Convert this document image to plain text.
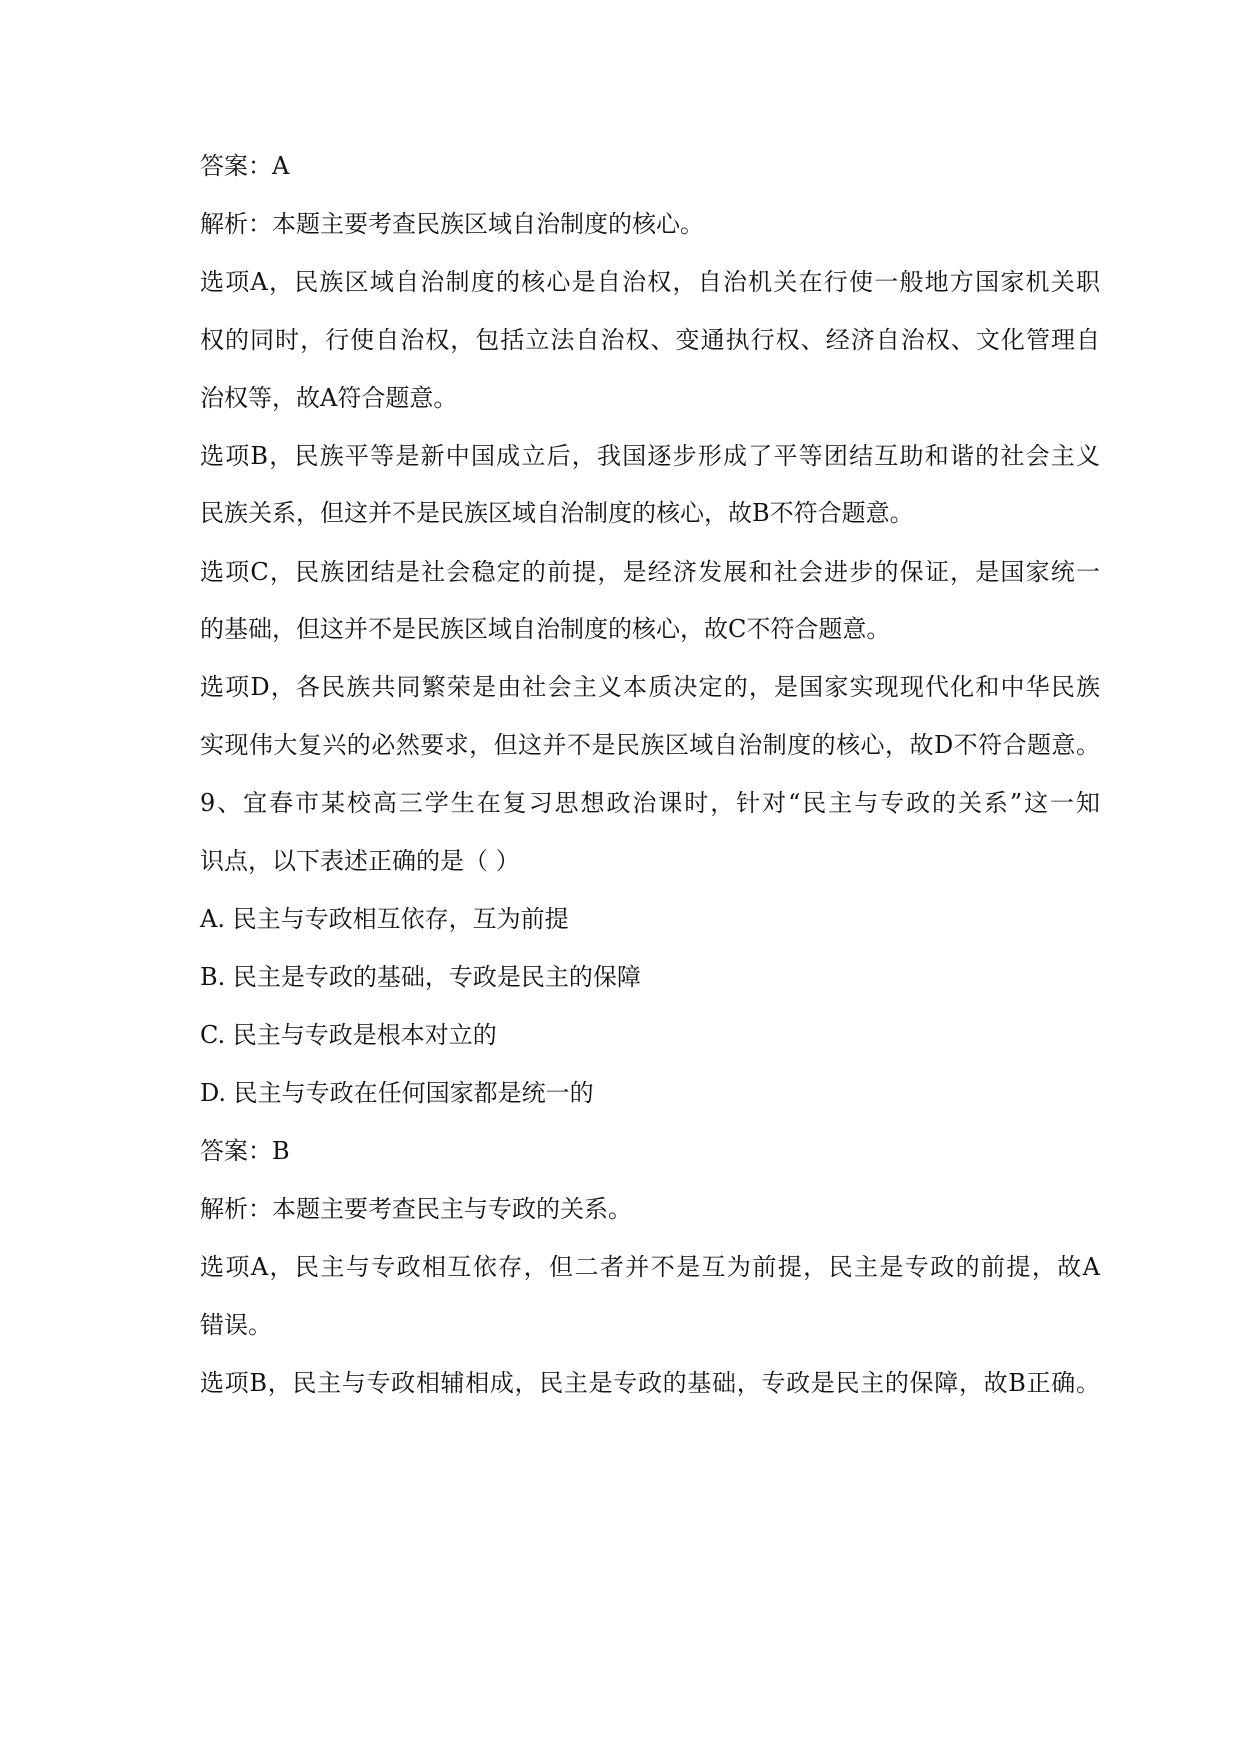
答案：A
解析：本题主要考查民族区域自治制度的核心。
选项A，民族区域自治制度的核心是自治权，自治机关在行使一般地方国家机关职
权的同时，行使自治权，包括立法自治权、变通执行权、经济自治权、文化管理自
治权等，故A符合题意。
选项B，民族平等是新中国成立后，我国逐步形成了平等团结互助和谐的社会主义
民族关系，但这并不是民族区域自治制度的核心，故B不符合题意。
选项C，民族团结是社会稳定的前提，是经济发展和社会进步的保证，是国家统一
的基础，但这并不是民族区域自治制度的核心，故C不符合题意。
选项D，各民族共同繁荣是由社会主义本质决定的，是国家实现现代化和中华民族
实现伟大复兴的必然要求，但这并不是民族区域自治制度的核心，故D不符合题意。
9、宜春市某校高三学生在复习思想政治课时，针对“民主与专政的关系”这一知
识点，以下表述正确的是（ ）
A. 民主与专政相互依存，互为前提
B. 民主是专政的基础，专政是民主的保障
C. 民主与专政是根本对立的
D. 民主与专政在任何国家都是统一的
答案：B
解析：本题主要考查民主与专政的关系。
选项A，民主与专政相互依存，但二者并不是互为前提，民主是专政的前提，故A
错误。
选项B，民主与专政相辅相成，民主是专政的基础，专政是民主的保障，故B正确。
